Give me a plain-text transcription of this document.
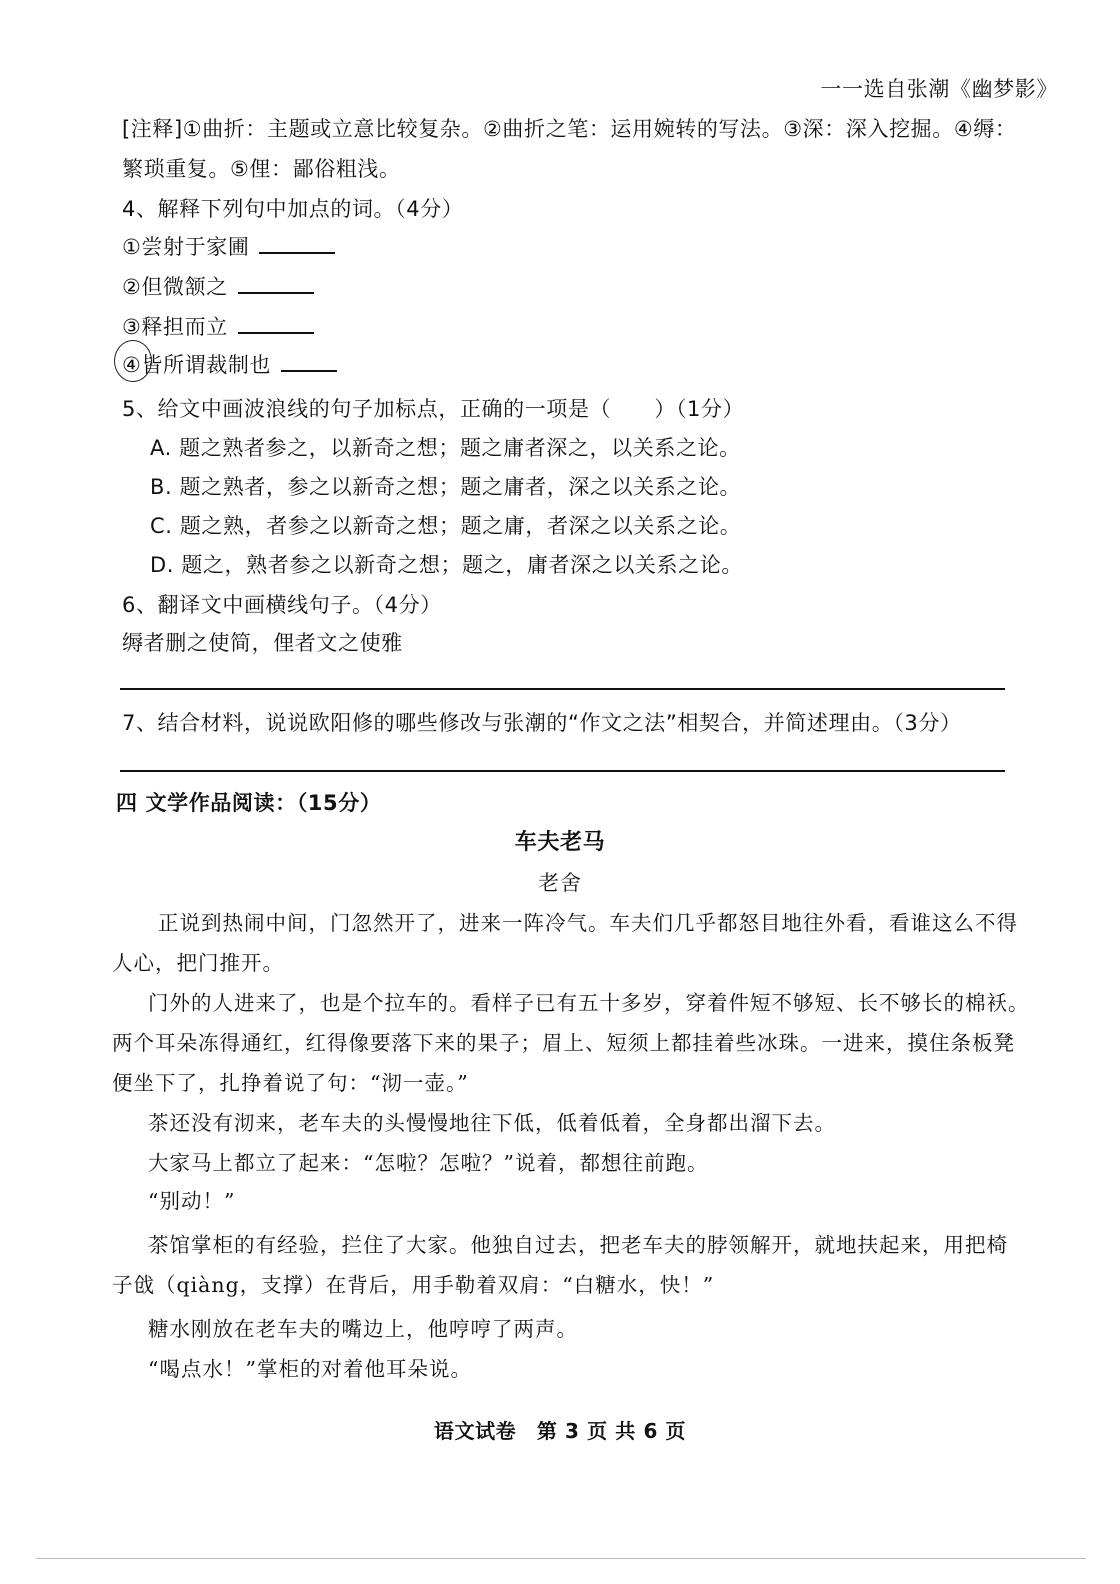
一一选自张潮《幽梦影》
[注释]①曲折：主题或立意比较复杂。②曲折之笔：运用婉转的写法。③深：深入挖掘。④缛：
繁琐重复。⑤俚：鄙俗粗浅。
4、解释下列句中加点的词。（4分）
①尝射于家圃
②但微颔之
③释担而立
④皆所谓裁制也
5、给文中画波浪线的句子加标点，正确的一项是（　　）（1分）
A. 题之熟者参之，以新奇之想；题之庸者深之，以关系之论。
B. 题之熟者，参之以新奇之想；题之庸者，深之以关系之论。
C. 题之熟，者参之以新奇之想；题之庸，者深之以关系之论。
D. 题之，熟者参之以新奇之想；题之，庸者深之以关系之论。
6、翻译文中画横线句子。（4分）
缛者删之使简，俚者文之使雅
7、结合材料，说说欧阳修的哪些修改与张潮的“作文之法”相契合，并简述理由。（3分）
四 文学作品阅读：（15分）
车夫老马
老舍
正说到热闹中间，门忽然开了，进来一阵冷气。车夫们几乎都怒目地往外看，看谁这么不得
人心，把门推开。
门外的人进来了，也是个拉车的。看样子已有五十多岁，穿着件短不够短、长不够长的棉袄。
两个耳朵冻得通红，红得像要落下来的果子；眉上、短须上都挂着些冰珠。一进来，摸住条板凳
便坐下了，扎挣着说了句：“沏一壶。”
茶还没有沏来，老车夫的头慢慢地往下低，低着低着，全身都出溜下去。
大家马上都立了起来：“怎啦？怎啦？”说着，都想往前跑。
“别动！”
茶馆掌柜的有经验，拦住了大家。他独自过去，把老车夫的脖领解开，就地扶起来，用把椅
子戗（qiàng，支撑）在背后，用手勒着双肩：“白糖水，快！”
糖水刚放在老车夫的嘴边上，他哼哼了两声。
“喝点水！”掌柜的对着他耳朵说。
语文试卷　第 3 页 共 6 页
